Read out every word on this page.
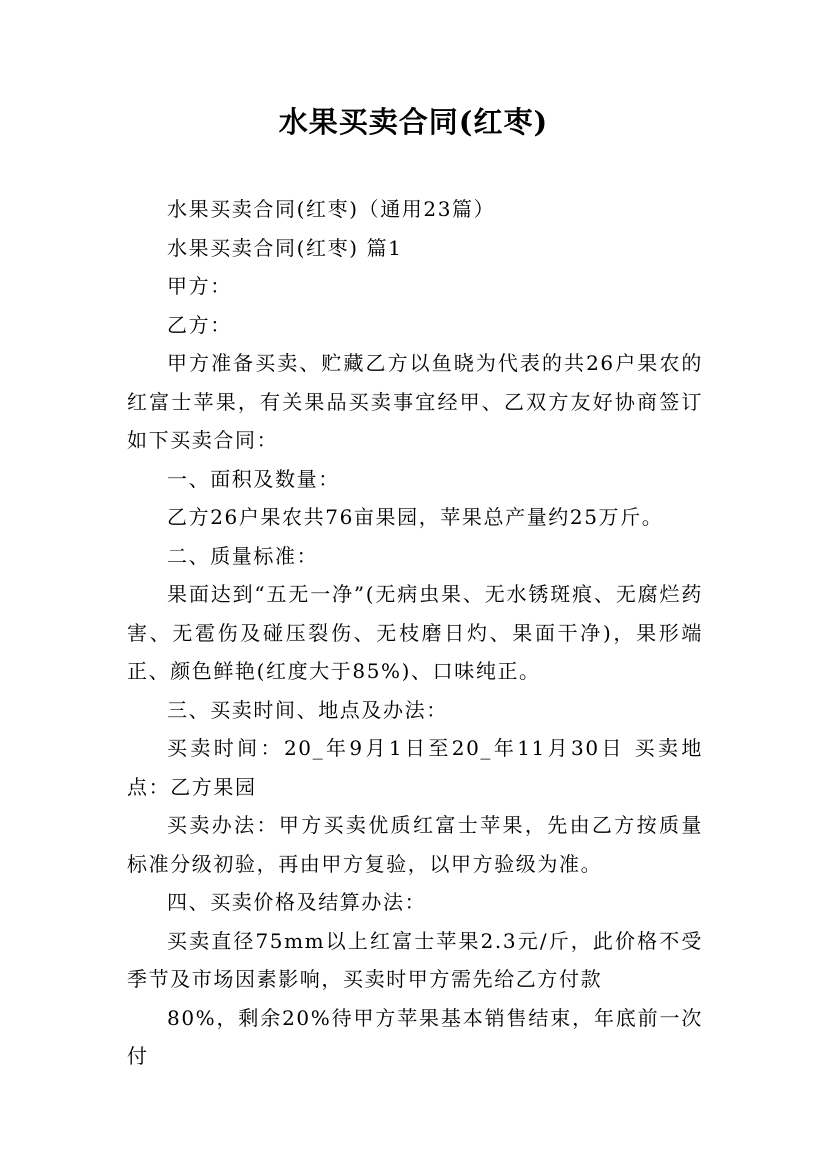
水果买卖合同(红枣)

水果买卖合同(红枣)（通用23篇）

水果买卖合同(红枣) 篇1

甲方：

乙方：

甲方准备买卖、贮藏乙方以鱼晓为代表的共26户果农的红富士苹果，有关果品买卖事宜经甲、乙双方友好协商签订如下买卖合同：

一、面积及数量：

乙方26户果农共76亩果园，苹果总产量约25万斤。

二、质量标准：

果面达到“五无一净”(无病虫果、无水锈斑痕、无腐烂药害、无雹伤及碰压裂伤、无枝磨日灼、果面干净)，果形端正、颜色鲜艳(红度大于85%)、口味纯正。

三、买卖时间、地点及办法：

买卖时间：20_年9月1日至20_年11月30日 买卖地点：乙方果园

买卖办法：甲方买卖优质红富士苹果，先由乙方按质量标准分级初验，再由甲方复验，以甲方验级为准。

四、买卖价格及结算办法：

买卖直径75mm以上红富士苹果2.3元/斤，此价格不受季节及市场因素影响，买卖时甲方需先给乙方付款

80%，剩余20%待甲方苹果基本销售结束，年底前一次付
